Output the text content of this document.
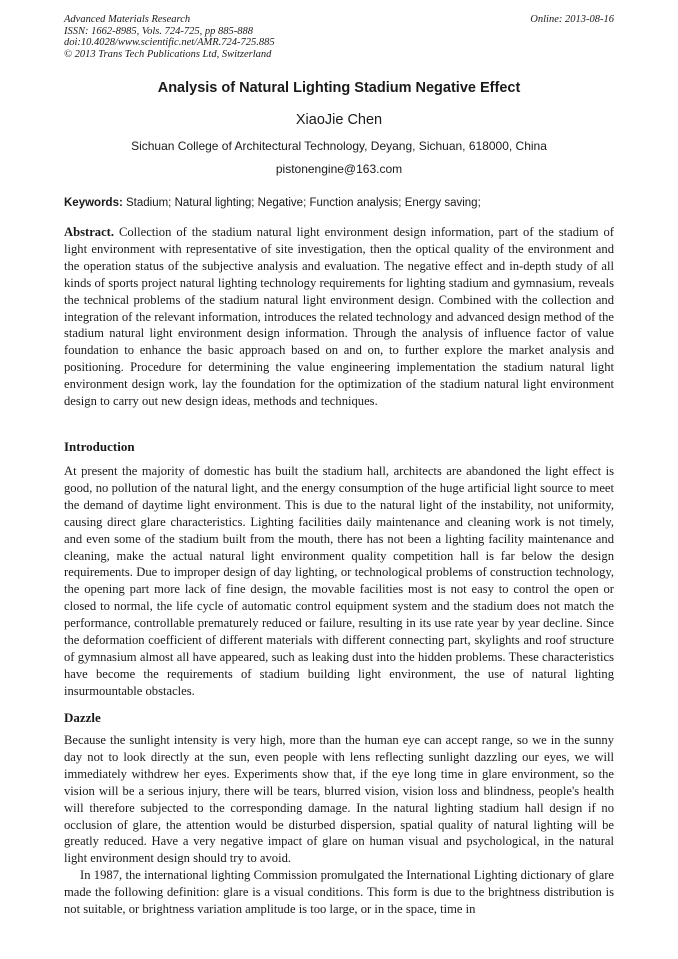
Advanced Materials Research
ISSN: 1662-8985, Vols. 724-725, pp 885-888
doi:10.4028/www.scientific.net/AMR.724-725.885
© 2013 Trans Tech Publications Ltd, Switzerland
Online: 2013-08-16
Analysis of Natural Lighting Stadium Negative Effect
XiaoJie Chen
Sichuan College of Architectural Technology, Deyang, Sichuan, 618000, China
pistonengine@163.com
Keywords: Stadium; Natural lighting; Negative; Function analysis; Energy saving;

Abstract. Collection of the stadium natural light environment design information, part of the stadium of light environment with representative of site investigation, then the optical quality of the environment and the operation status of the subjective analysis and evaluation. The negative effect and in-depth study of all kinds of sports project natural lighting technology requirements for lighting stadium and gymnasium, reveals the technical problems of the stadium natural light environment design. Combined with the collection and integration of the relevant information, introduces the related technology and advanced design method of the stadium natural light environment design information. Through the analysis of influence factor of value foundation to enhance the basic approach based on and on, to further explore the market analysis and positioning. Procedure for determining the value engineering implementation the stadium natural light environment design work, lay the foundation for the optimization of the stadium natural light environment design to carry out new design ideas, methods and techniques.

Introduction

At present the majority of domestic has built the stadium hall, architects are abandoned the light effect is good, no pollution of the natural light, and the energy consumption of the huge artificial light source to meet the demand of daytime light environment. This is due to the natural light of the instability, not uniformity, causing direct glare characteristics. Lighting facilities daily maintenance and cleaning work is not timely, and even some of the stadium built from the mouth, there has not been a lighting facility maintenance and cleaning, make the actual natural light environment quality competition hall is far below the design requirements. Due to improper design of day lighting, or technological problems of construction technology, the opening part more lack of fine design, the movable facilities most is not easy to control the open or closed to normal, the life cycle of automatic control equipment system and the stadium does not match the performance, controllable prematurely reduced or failure, resulting in its use rate year by year decline. Since the deformation coefficient of different materials with different connecting part, skylights and roof structure of gymnasium almost all have appeared, such as leaking dust into the hidden problems. These characteristics have become the requirements of stadium building light environment, the use of natural lighting insurmountable obstacles.

Dazzle

Because the sunlight intensity is very high, more than the human eye can accept range, so we in the sunny day not to look directly at the sun, even people with lens reflecting sunlight dazzling our eyes, we will immediately withdrew her eyes. Experiments show that, if the eye long time in glare environment, so the vision will be a serious injury, there will be tears, blurred vision, vision loss and blindness, people's health will therefore subjected to the corresponding damage. In the natural lighting stadium hall design if no occlusion of glare, the attention would be disturbed dispersion, spatial quality of natural lighting will be greatly reduced. Have a very negative impact of glare on human visual and psychological, in the natural light environment design should try to avoid.

In 1987, the international lighting Commission promulgated the International Lighting dictionary of glare made the following definition: glare is a visual conditions. This form is due to the brightness distribution is not suitable, or brightness variation amplitude is too large, or in the space, time in
